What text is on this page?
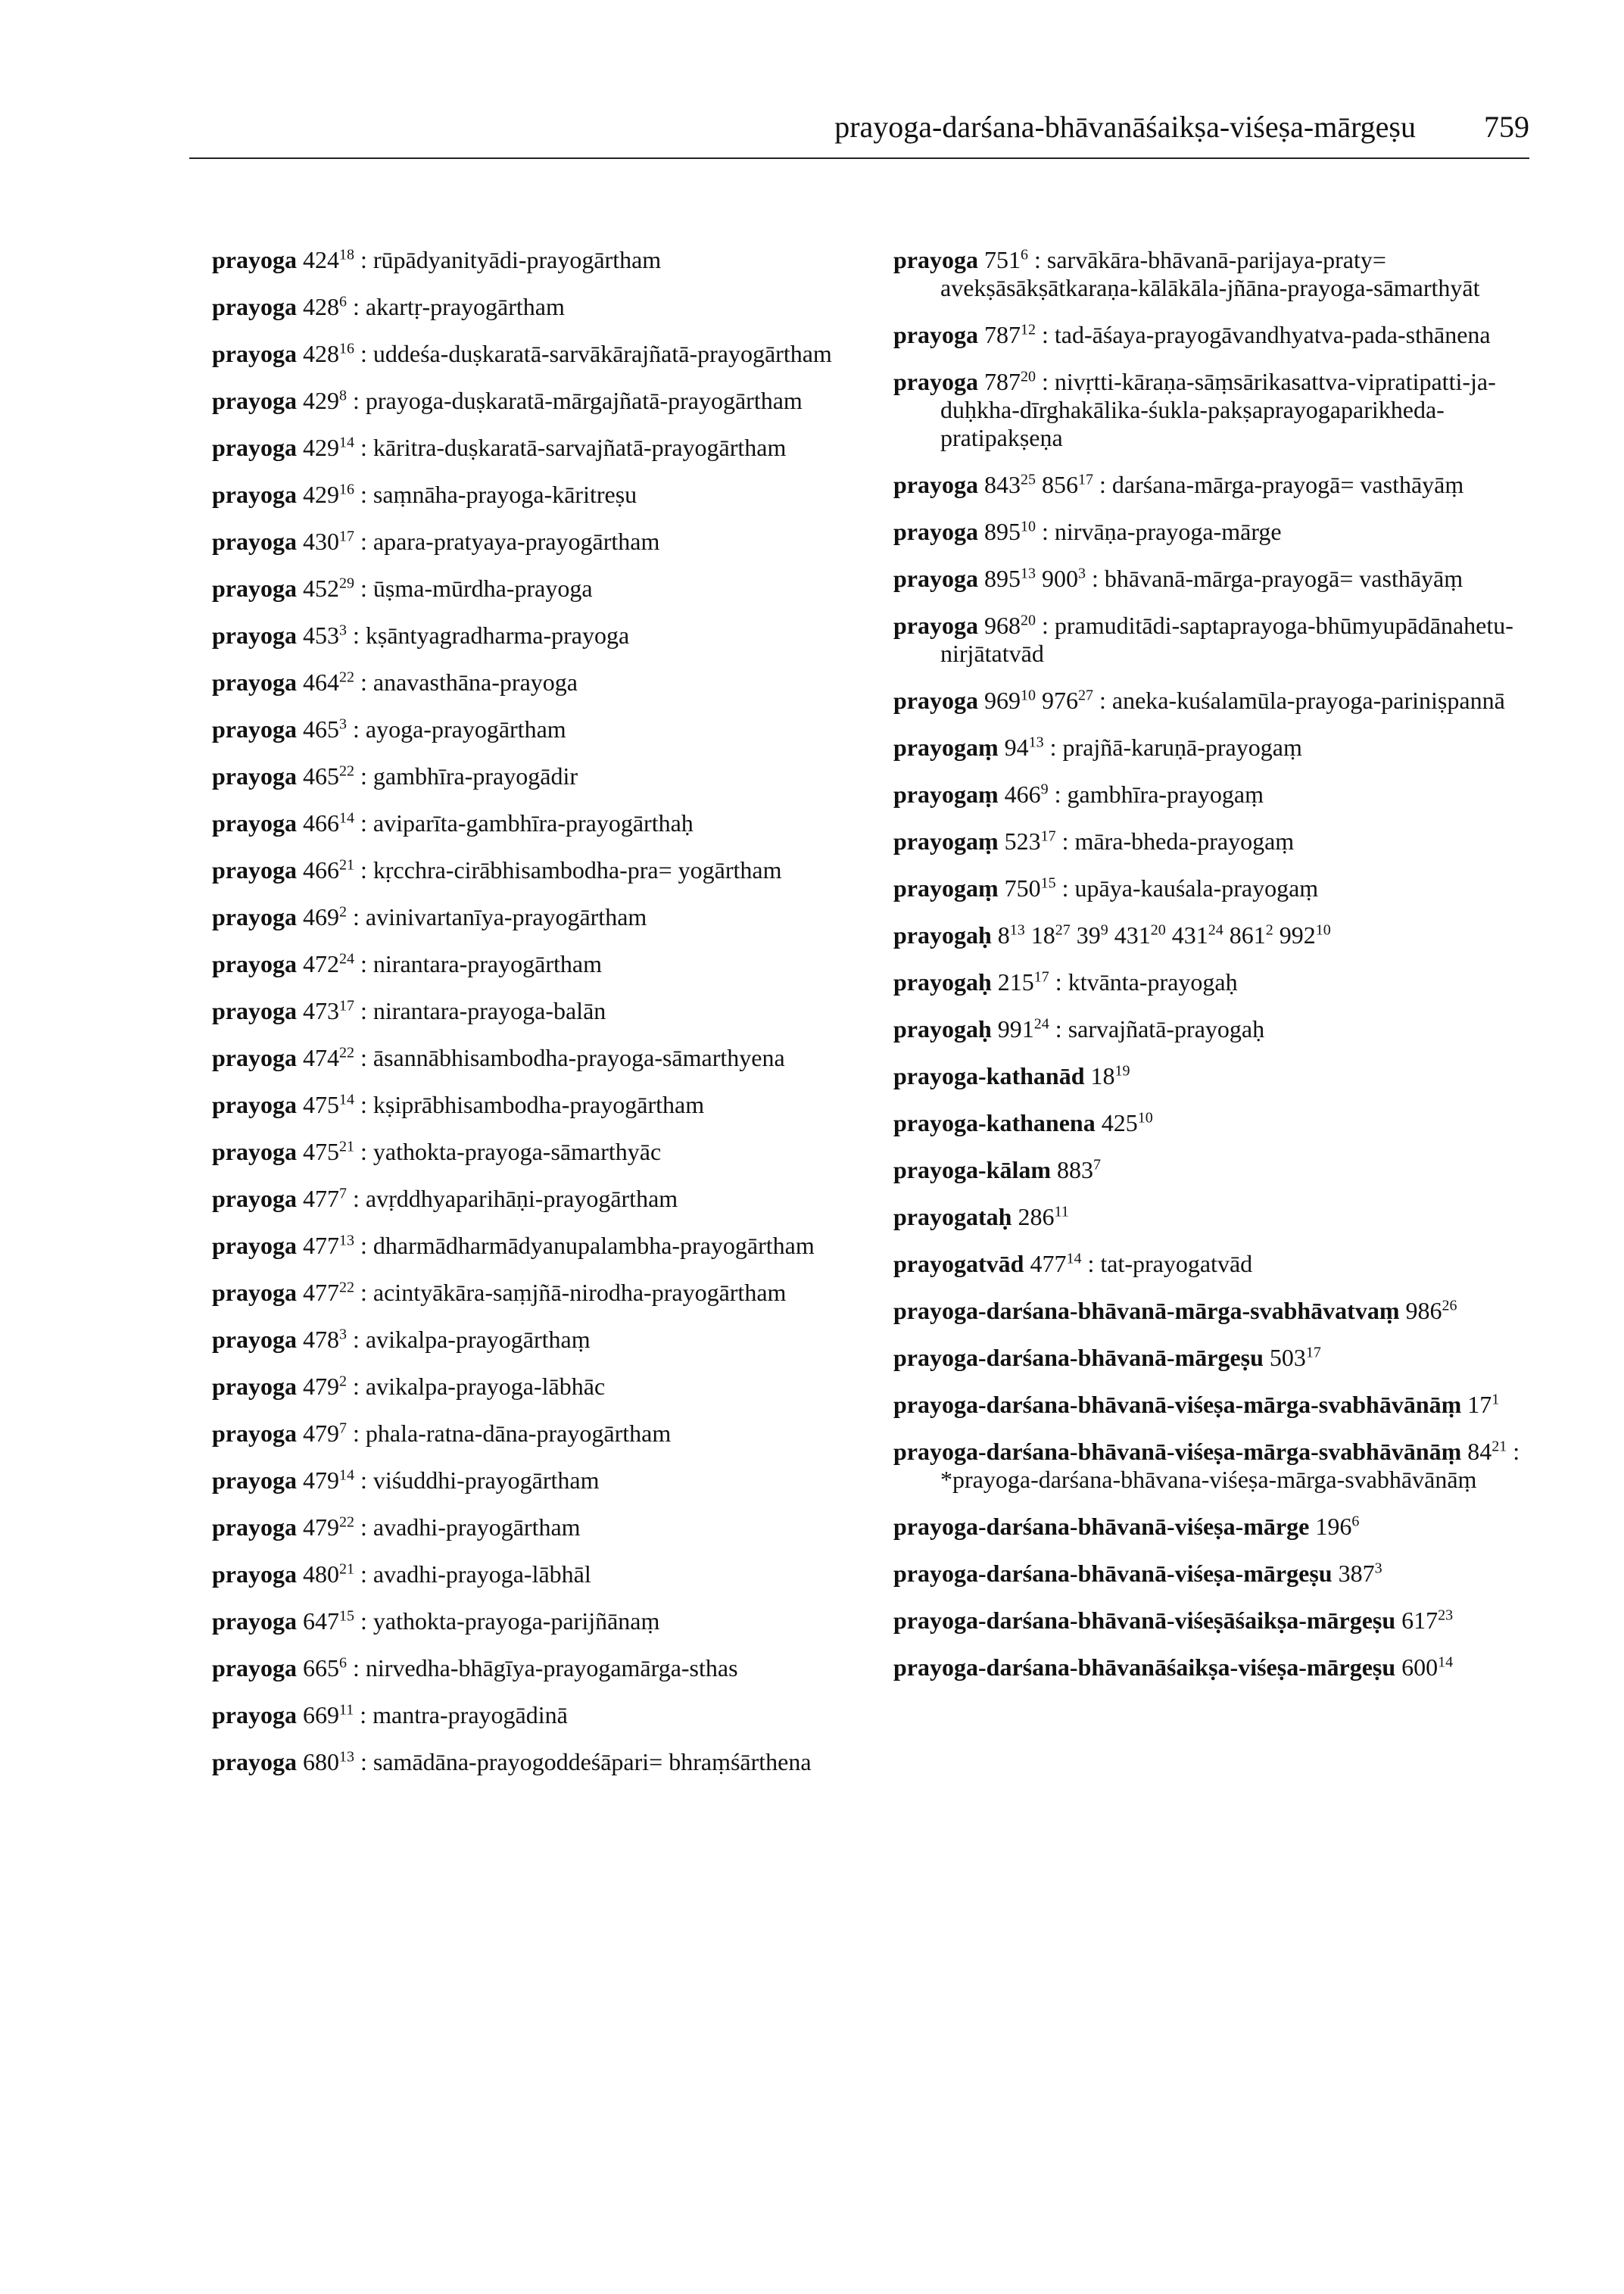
prayoga-darśana-bhāvanāśaikṣa-viśeṣa-mārgeṣu 759
prayoga $424^{18}$ : rūpādyanityādi-prayogārtham
prayoga $428^6$ : akartṛ-prayogārtham
prayoga $428^{16}$ : uddeśa-duṣkaratā-sarvākārajñatā-prayogārtham
prayoga $429^8$ : prayoga-duṣkaratā-mārgajñatā-prayogārtham
prayoga $429^{14}$ : kāritra-duṣkaratā-sarvajñatā-prayogārtham
prayoga $429^{16}$ : saṃnāha-prayoga-kāritreṣu
prayoga $430^{17}$ : apara-pratyaya-prayogārtham
prayoga $452^{29}$ : ūṣma-mūrdha-prayoga
prayoga $453^3$ : kṣāntyagradharma-prayoga
prayoga $464^{22}$ : anavasthāna-prayoga
prayoga $465^3$ : ayoga-prayogārtham
prayoga $465^{22}$ : gambhīra-prayogādir
prayoga $466^{14}$ : aviparīta-gambhīra-prayogārthaḥ
prayoga $466^{21}$ : kṛcchra-cirābhisambodha-pra= yogārtham
prayoga $469^2$ : avinivartanīya-prayogārtham
prayoga $472^{24}$ : nirantara-prayogārtham
prayoga $473^{17}$ : nirantara-prayoga-balān
prayoga $474^{22}$ : āsannābhisambodha-prayoga-sāmarthyena
prayoga $475^{14}$ : kṣiprābhisambodha-prayogārtham
prayoga $475^{21}$ : yathokta-prayoga-sāmarthyāc
prayoga $477^7$ : avṛddhyaparihāṇi-prayogārtham
prayoga $477^{13}$ : dharmādharmādyanupalambha-prayogārtham
prayoga $477^{22}$ : acintyākāra-saṃjñā-nirodha-prayogārtham
prayoga $478^3$ : avikalpa-prayogārthaṃ
prayoga $479^2$ : avikalpa-prayoga-lābhāc
prayoga $479^7$ : phala-ratna-dāna-prayogārtham
prayoga $479^{14}$ : viśuddhi-prayogārtham
prayoga $479^{22}$ : avadhi-prayogārtham
prayoga $480^{21}$ : avadhi-prayoga-lābhāl
prayoga $647^{15}$ : yathokta-prayoga-parijñānaṃ
prayoga $665^6$ : nirvedha-bhāgīya-prayogamārga-sthas
prayoga $669^{11}$ : mantra-prayogādinā
prayoga $680^{13}$ : samādāna-prayogoddeśāpari= bhraṃśārthena
prayoga $751^6$ : sarvākāra-bhāvanā-parijaya-praty= avekṣāsākṣātkaraṇa-kālākāla-jñāna-prayoga-sāmarthyāt
prayoga $787^{12}$ : tad-āśaya-prayogāvandhyatva-pada-sthānena
prayoga $787^{20}$ : nivṛtti-kāraṇa-sāṃsārikasattva-vipratipatti-ja-duḥkha-dīrghakālika-śukla-pakṣaprayogaparikheda-pratipakṣeṇa
prayoga $843^{25}$ $856^{17}$ : darśana-mārga-prayogā= vasthāyāṃ
prayoga $895^{10}$ : nirvāṇa-prayoga-mārge
prayoga $895^{13}$ $900^3$ : bhāvanā-mārga-prayogā= vasthāyāṃ
prayoga $968^{20}$ : pramuditādi-saptaprayoga-bhūmyupādānahetu-nirjātatvād
prayoga $969^{10}$ $976^{27}$ : aneka-kuśalamūla-prayoga-pariniṣpannā
prayogaṃ $94^{13}$ : prajñā-karuṇā-prayogaṃ
prayogaṃ $466^9$ : gambhīra-prayogaṃ
prayogaṃ $523^{17}$ : māra-bheda-prayogaṃ
prayogaṃ $750^{15}$ : upāya-kauśala-prayogaṃ
prayogaḥ $8^{13}$ $18^{27}$ $39^9$ $431^{20}$ $431^{24}$ $861^2$ $992^{10}$
prayogaḥ $215^{17}$ : ktvānta-prayogaḥ
prayogaḥ $991^{24}$ : sarvajñatā-prayogaḥ
prayoga-kathanād $18^{19}$
prayoga-kathanena $425^{10}$
prayoga-kālam $883^7$
prayogataḥ $286^{11}$
prayogatvād $477^{14}$ : tat-prayogatvād
prayoga-darśana-bhāvanā-mārga-svabhāvatvaṃ $986^{26}$
prayoga-darśana-bhāvanā-mārgeṣu $503^{17}$
prayoga-darśana-bhāvanā-viśeṣa-mārga-svabhāvānāṃ $17^1$
prayoga-darśana-bhāvanā-viśeṣa-mārga-svabhāvānāṃ $84^{21}$ : *prayoga-darśana-bhāvana-viśeṣa-mārga-svabhāvānāṃ
prayoga-darśana-bhāvanā-viśeṣa-mārge $196^6$
prayoga-darśana-bhāvanā-viśeṣa-mārgeṣu $387^3$
prayoga-darśana-bhāvanā-viśeṣāśaikṣa-mārgeṣu $617^{23}$
prayoga-darśana-bhāvanāśaikṣa-viśeṣa-mārgeṣu $600^{14}$
